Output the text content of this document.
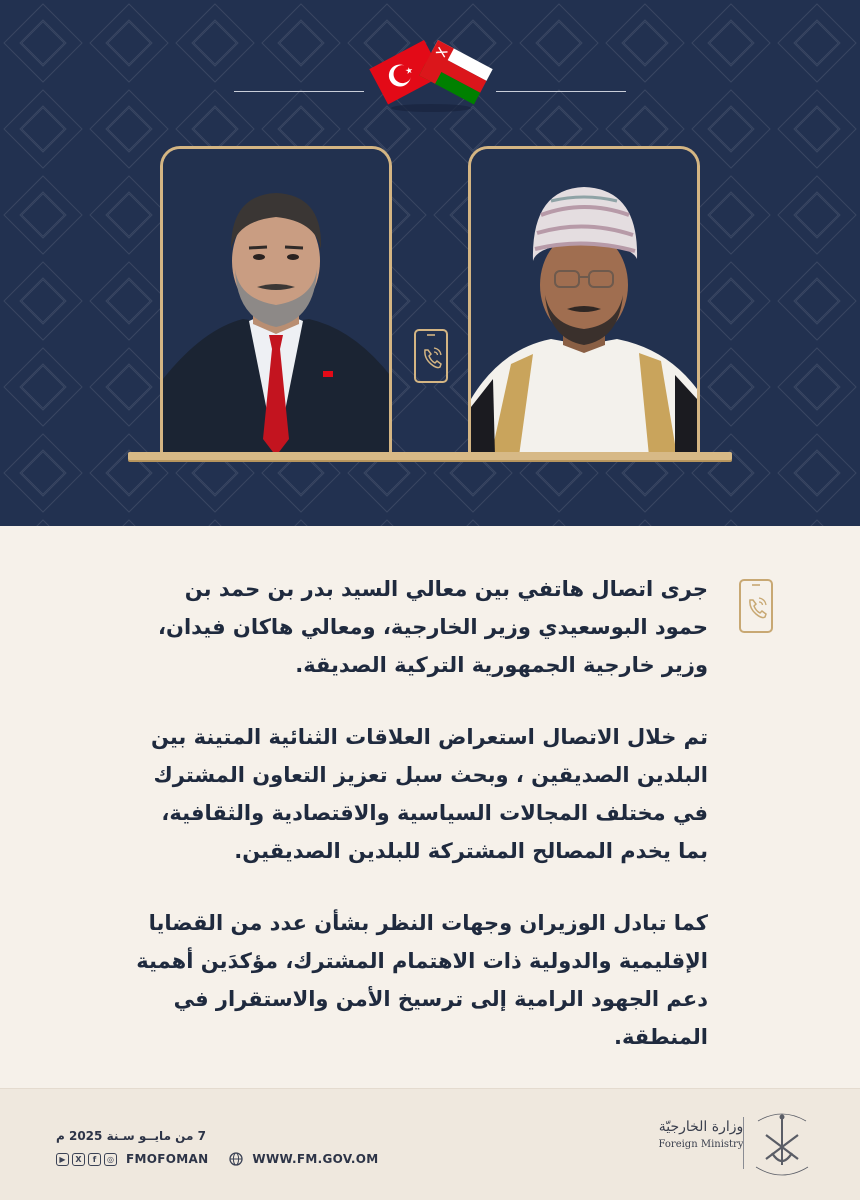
جرى اتصال هاتفي بين معالي السيد بدر بن حمد بن حمود البوسعيدي وزير الخارجية، ومعالي هاكان فيدان، وزير خارجية الجمهورية التركية الصديقة.

تم خلال الاتصال استعراض العلاقات الثنائية المتينة بين البلدين الصديقين ، وبحث سبل تعزيز التعاون المشترك في مختلف المجالات السياسية والاقتصادية والثقافية، بما يخدم المصالح المشتركة للبلدين الصديقين.

كما تبادل الوزيران وجهات النظر بشأن عدد من القضايا الإقليمية والدولية ذات الاهتمام المشترك، مؤكدَين أهمية دعم الجهود الرامية إلى ترسيخ الأمن والاستقرار في المنطقة.

7 من مايــو سـنة 2025 م
▶	X	f	◎ FMOFOMAN	WWW.FM.GOV.OM
وزارة الخارجيّة
Foreign Ministry
